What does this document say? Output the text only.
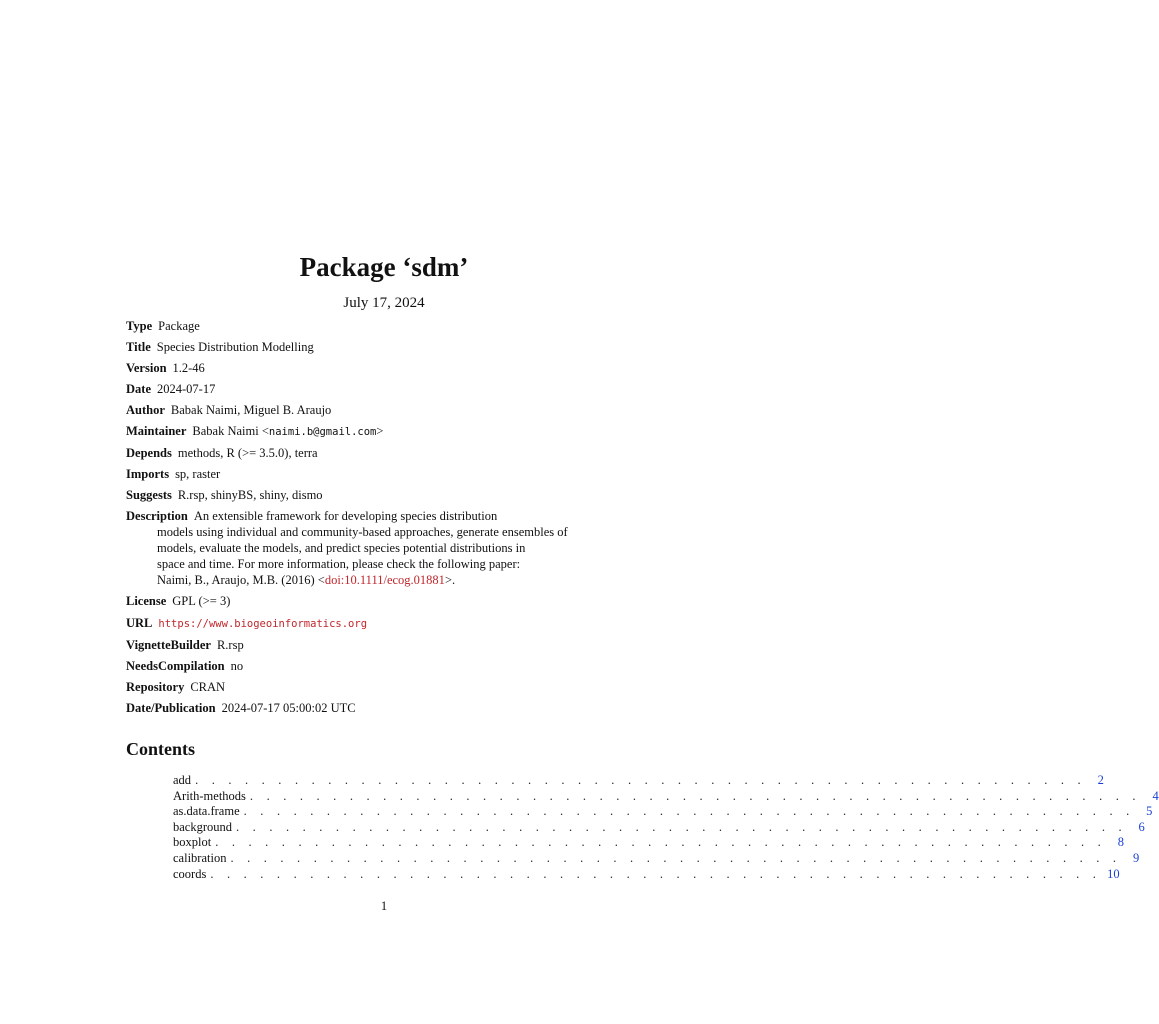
Package ‘sdm’
July 17, 2024
Type Package
Title Species Distribution Modelling
Version 1.2-46
Date 2024-07-17
Author Babak Naimi, Miguel B. Araujo
Maintainer Babak Naimi <naimi.b@gmail.com>
Depends methods, R (>= 3.5.0), terra
Imports sp, raster
Suggests R.rsp, shinyBS, shiny, dismo
Description An extensible framework for developing species distribution
models using individual and community-based approaches, generate ensembles of
models, evaluate the models, and predict species potential distributions in
space and time. For more information, please check the following paper:
Naimi, B., Araujo, M.B. (2016) <doi:10.1111/ecog.01881>.
License GPL (>= 3)
URL https://www.biogeoinformatics.org
VignetteBuilder R.rsp
NeedsCompilation no
Repository CRAN
Date/Publication 2024-07-17 05:00:02 UTC
Contents
add . . . . . . . . . . . . . . . . . . . . . . . . . . . . . . . . . . . . . . . . . . . . . . . . . . . . . . 2
Arith-methods . . . . . . . . . . . . . . . . . . . . . . . . . . . . . . . . . . . . . . . . . . . . . . . . . . . . . . 4
as.data.frame . . . . . . . . . . . . . . . . . . . . . . . . . . . . . . . . . . . . . . . . . . . . . . . . . . . . . . 5
background . . . . . . . . . . . . . . . . . . . . . . . . . . . . . . . . . . . . . . . . . . . . . . . . . . . . . . 6
boxplot . . . . . . . . . . . . . . . . . . . . . . . . . . . . . . . . . . . . . . . . . . . . . . . . . . . . . . 8
calibration . . . . . . . . . . . . . . . . . . . . . . . . . . . . . . . . . . . . . . . . . . . . . . . . . . . . . . 9
coords . . . . . . . . . . . . . . . . . . . . . . . . . . . . . . . . . . . . . . . . . . . . . . . . . . . . . . 10
1
